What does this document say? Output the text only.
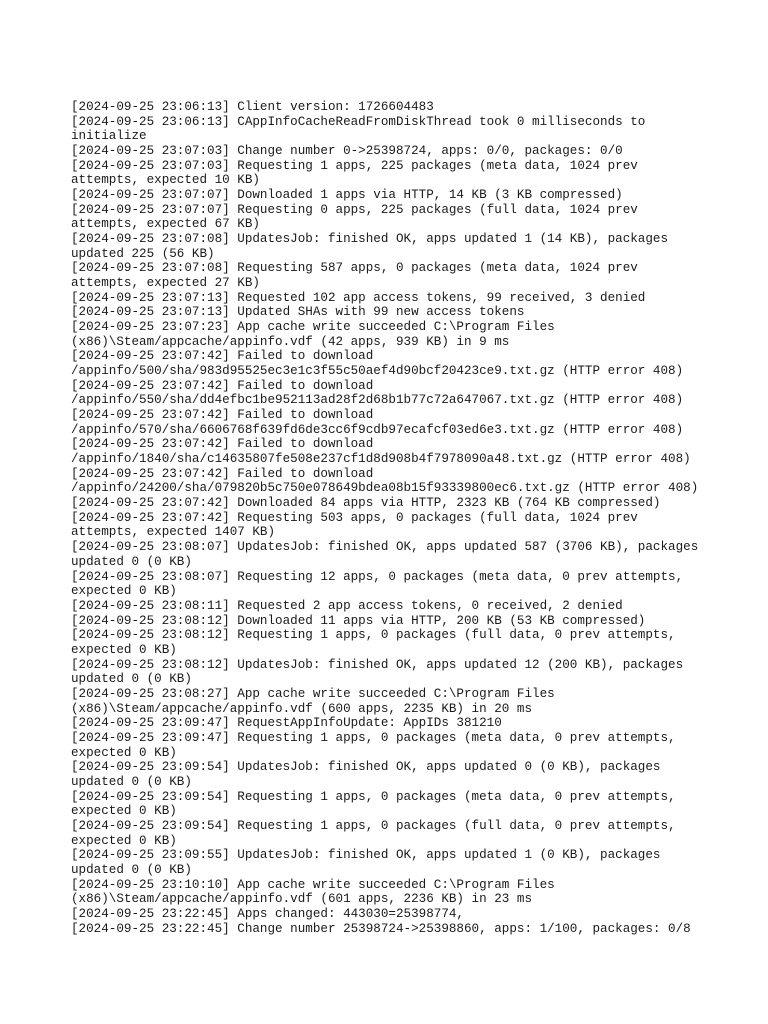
[2024-09-25 23:06:13] Client version: 1726604483
[2024-09-25 23:06:13] CAppInfoCacheReadFromDiskThread took 0 milliseconds to
initialize
[2024-09-25 23:07:03] Change number 0->25398724, apps: 0/0, packages: 0/0
[2024-09-25 23:07:03] Requesting 1 apps, 225 packages (meta data, 1024 prev
attempts, expected 10 KB)
[2024-09-25 23:07:07] Downloaded 1 apps via HTTP, 14 KB (3 KB compressed)
[2024-09-25 23:07:07] Requesting 0 apps, 225 packages (full data, 1024 prev
attempts, expected 67 KB)
[2024-09-25 23:07:08] UpdatesJob: finished OK, apps updated 1 (14 KB), packages
updated 225 (56 KB)
[2024-09-25 23:07:08] Requesting 587 apps, 0 packages (meta data, 1024 prev
attempts, expected 27 KB)
[2024-09-25 23:07:13] Requested 102 app access tokens, 99 received, 3 denied
[2024-09-25 23:07:13] Updated SHAs with 99 new access tokens
[2024-09-25 23:07:23] App cache write succeeded C:\Program Files
(x86)\Steam/appcache/appinfo.vdf (42 apps, 939 KB) in 9 ms
[2024-09-25 23:07:42] Failed to download
/appinfo/500/sha/983d95525ec3e1c3f55c50aef4d90bcf20423ce9.txt.gz (HTTP error 408)
[2024-09-25 23:07:42] Failed to download
/appinfo/550/sha/dd4efbc1be952113ad28f2d68b1b77c72a647067.txt.gz (HTTP error 408)
[2024-09-25 23:07:42] Failed to download
/appinfo/570/sha/6606768f639fd6de3cc6f9cdb97ecafcf03ed6e3.txt.gz (HTTP error 408)
[2024-09-25 23:07:42] Failed to download
/appinfo/1840/sha/c14635807fe508e237cf1d8d908b4f7978090a48.txt.gz (HTTP error 408)
[2024-09-25 23:07:42] Failed to download
/appinfo/24200/sha/079820b5c750e078649bdea08b15f93339800ec6.txt.gz (HTTP error 408)
[2024-09-25 23:07:42] Downloaded 84 apps via HTTP, 2323 KB (764 KB compressed)
[2024-09-25 23:07:42] Requesting 503 apps, 0 packages (full data, 1024 prev
attempts, expected 1407 KB)
[2024-09-25 23:08:07] UpdatesJob: finished OK, apps updated 587 (3706 KB), packages
updated 0 (0 KB)
[2024-09-25 23:08:07] Requesting 12 apps, 0 packages (meta data, 0 prev attempts,
expected 0 KB)
[2024-09-25 23:08:11] Requested 2 app access tokens, 0 received, 2 denied
[2024-09-25 23:08:12] Downloaded 11 apps via HTTP, 200 KB (53 KB compressed)
[2024-09-25 23:08:12] Requesting 1 apps, 0 packages (full data, 0 prev attempts,
expected 0 KB)
[2024-09-25 23:08:12] UpdatesJob: finished OK, apps updated 12 (200 KB), packages
updated 0 (0 KB)
[2024-09-25 23:08:27] App cache write succeeded C:\Program Files
(x86)\Steam/appcache/appinfo.vdf (600 apps, 2235 KB) in 20 ms
[2024-09-25 23:09:47] RequestAppInfoUpdate: AppIDs 381210
[2024-09-25 23:09:47] Requesting 1 apps, 0 packages (meta data, 0 prev attempts,
expected 0 KB)
[2024-09-25 23:09:54] UpdatesJob: finished OK, apps updated 0 (0 KB), packages
updated 0 (0 KB)
[2024-09-25 23:09:54] Requesting 1 apps, 0 packages (meta data, 0 prev attempts,
expected 0 KB)
[2024-09-25 23:09:54] Requesting 1 apps, 0 packages (full data, 0 prev attempts,
expected 0 KB)
[2024-09-25 23:09:55] UpdatesJob: finished OK, apps updated 1 (0 KB), packages
updated 0 (0 KB)
[2024-09-25 23:10:10] App cache write succeeded C:\Program Files
(x86)\Steam/appcache/appinfo.vdf (601 apps, 2236 KB) in 23 ms
[2024-09-25 23:22:45] Apps changed: 443030=25398774,
[2024-09-25 23:22:45] Change number 25398724->25398860, apps: 1/100, packages: 0/8
